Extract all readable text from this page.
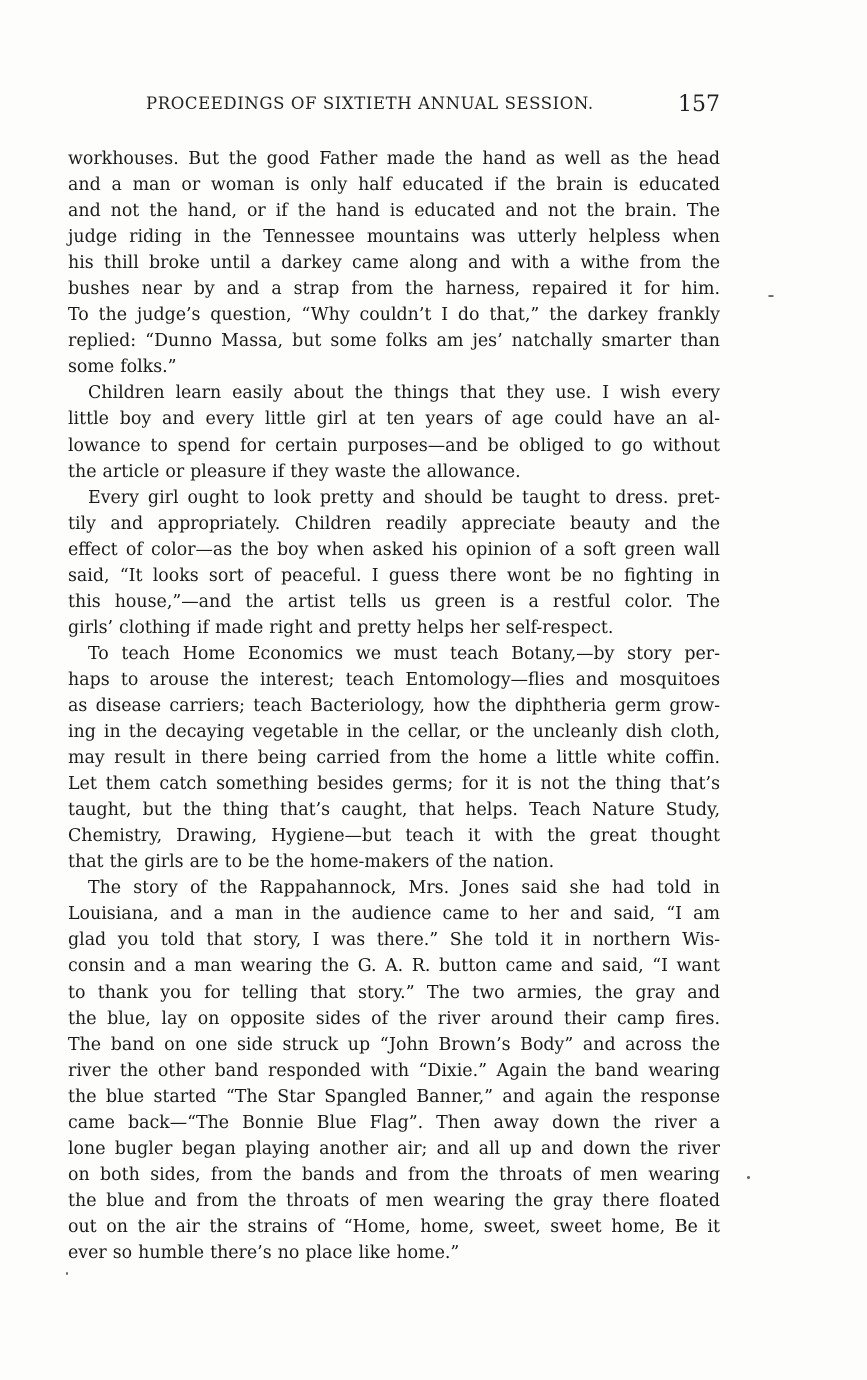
PROCEEDINGS OF SIXTIETH ANNUAL SESSION.	157
workhouses. But the good Father made the hand as well as the head
and a man or woman is only half educated if the brain is educated
and not the hand, or if the hand is educated and not the brain. The
judge riding in the Tennessee mountains was utterly helpless when
his thill broke until a darkey came along and with a withe from the
bushes near by and a strap from the harness, repaired it for him.
To the judge’s question, “Why couldn’t I do that,” the darkey frankly
replied: “Dunno Massa, but some folks am jes’ natchally smarter than
some folks.”
Children learn easily about the things that they use. I wish every
little boy and every little girl at ten years of age could have an al-
lowance to spend for certain purposes—and be obliged to go without
the article or pleasure if they waste the allowance.
Every girl ought to look pretty and should be taught to dress. pret-
tily and appropriately. Children readily appreciate beauty and the
effect of color—as the boy when asked his opinion of a soft green wall
said, “It looks sort of peaceful. I guess there wont be no fighting in
this house,”—and the artist tells us green is a restful color. The
girls’ clothing if made right and pretty helps her self-respect.
To teach Home Economics we must teach Botany,—by story per-
haps to arouse the interest; teach Entomology—flies and mosquitoes
as disease carriers; teach Bacteriology, how the diphtheria germ grow-
ing in the decaying vegetable in the cellar, or the uncleanly dish cloth,
may result in there being carried from the home a little white coffin.
Let them catch something besides germs; for it is not the thing that’s
taught, but the thing that’s caught, that helps. Teach Nature Study,
Chemistry, Drawing, Hygiene—but teach it with the great thought
that the girls are to be the home-makers of the nation.
The story of the Rappahannock, Mrs. Jones said she had told in
Louisiana, and a man in the audience came to her and said, “I am
glad you told that story, I was there.” She told it in northern Wis-
consin and a man wearing the G. A. R. button came and said, “I want
to thank you for telling that story.” The two armies, the gray and
the blue, lay on opposite sides of the river around their camp fires.
The band on one side struck up “John Brown’s Body” and across the
river the other band responded with “Dixie.” Again the band wearing
the blue started “The Star Spangled Banner,” and again the response
came back—“The Bonnie Blue Flag”. Then away down the river a
lone bugler began playing another air; and all up and down the river
on both sides, from the bands and from the throats of men wearing
the blue and from the throats of men wearing the gray there floated
out on the air the strains of “Home, home, sweet, sweet home, Be it
ever so humble there’s no place like home.”
